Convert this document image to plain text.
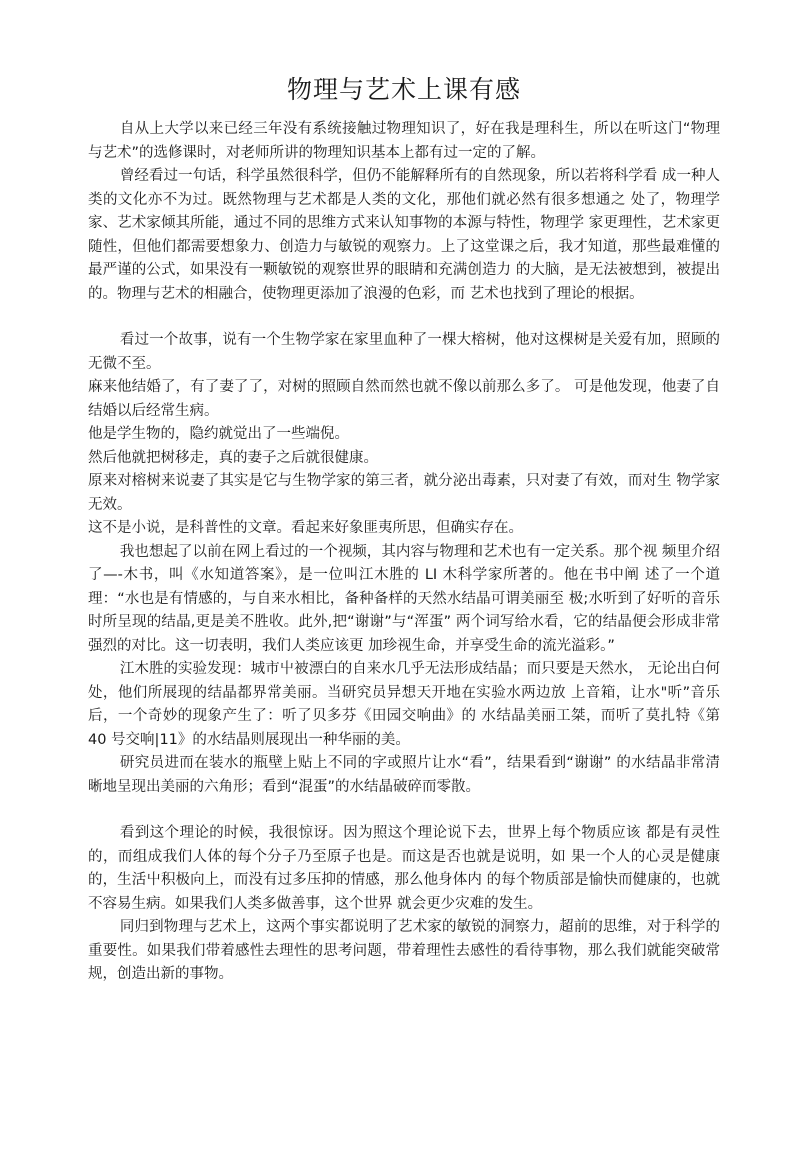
物理与艺术上课有感

自从上大学以来已经三年没有系统接触过物理知识了，好在我是理科生，所以在听这门“物理与艺术”的选修课时，对老师所讲的物理知识基本上都有过一定的了解。

曾经看过一句话，科学虽然很科学，但仍不能解释所有的自然现象，所以若将科学看 成一种人类的文化亦不为过。既然物理与艺术都是人类的文化，那他们就必然有很多想通之 处了，物理学家、艺术家倾其所能，通过不同的思维方式来认知事物的本源与特性，物理学 家更理性，艺术家更随性，但他们都需要想象力、创造力与敏锐的观察力。上了这堂课之后，我才知道，那些最难懂的最严谨的公式，如果没有一颗敏锐的观察世界的眼睛和充满创造力 的大脑，是无法被想到，被提出的。物理与艺术的相融合，使物理更添加了浪漫的色彩，而 艺术也找到了理论的根据。

看过一个故事，说有一个生物学家在家里血种了一棵大榕树，他对这棵树是关爱有加，照顾的无微不至。

麻来他结婚了，有了妻了了，对树的照顾自然而然也就不像以前那么多了。 可是他发现，他妻了自结婚以后经常生病。

他是学生物的，隐约就觉出了一些端倪。

然后他就把树移走，真的妻子之后就很健康。

原来对榕树来说妻了其实是它与生物学家的第三者，就分泌出毒素，只对妻了有效，而对生 物学家无效。

这不是小说，是科普性的文章。看起来好象匪夷所思，但确实存在。

我也想起了以前在网上看过的一个视频，其内容与物理和艺术也有一定关系。那个视 频里介绍了—-木书，叫《水知道答案》，是一位叫江木胜的 LI 木科学家所著的。他在书中阐 述了一个道理：“水也是有情感的，与自来水相比，备种备样的天然水结晶可谓美丽至 极;水听到了好听的音乐时所呈现的结晶,更是美不胜收。此外,把“谢谢”与“浑蛋” 两个词写给水看，它的结晶便会形成非常强烈的对比。这一切表明，我们人类应该更 加珍视生命，并享受生命的流光溢彩。”

江木胜的实验发现：城市屮被漂白的自来水几乎无法形成结晶；而只要是天然水， 无论出白何处，他们所展现的结晶都界常美丽。当研究员异想天开地在实验水两边放 上音箱，让水"听”音乐后，一个奇妙的现象产生了：听了贝多芬《田园交响曲》的 水结晶美丽工桀，而听了莫扎特《第 40 号交响|11》的水结晶则展现出一种华丽的美。

研究员进而在装水的瓶壁上贴上不同的字或照片让水“看”，结果看到“谢谢” 的水结晶非常清晰地呈现出美丽的六角形；看到“混蛋”的水结晶破碎而零散。

看到这个理论的时候，我很惊讶。因为照这个理论说下去，世界上每个物质应该 都是有灵性的，而组成我们人体的每个分子乃至原子也是。而这是否也就是说明，如 果一个人的心灵是健康的，生活屮积极向上，而没有过多压抑的情感，那么他身体内 的每个物质部是愉快而健康的，也就不容易生病。如果我们人类多做善事，这个世界 就会更少灾难的发生。

同归到物理与艺术上，这两个事实都说明了艺术家的敏锐的洞察力，超前的思维，对于科学的重要性。如果我们带着感性去理性的思考问题，带着理性去感性的看待事物，那么我们就能突破常规，创造出新的事物。
